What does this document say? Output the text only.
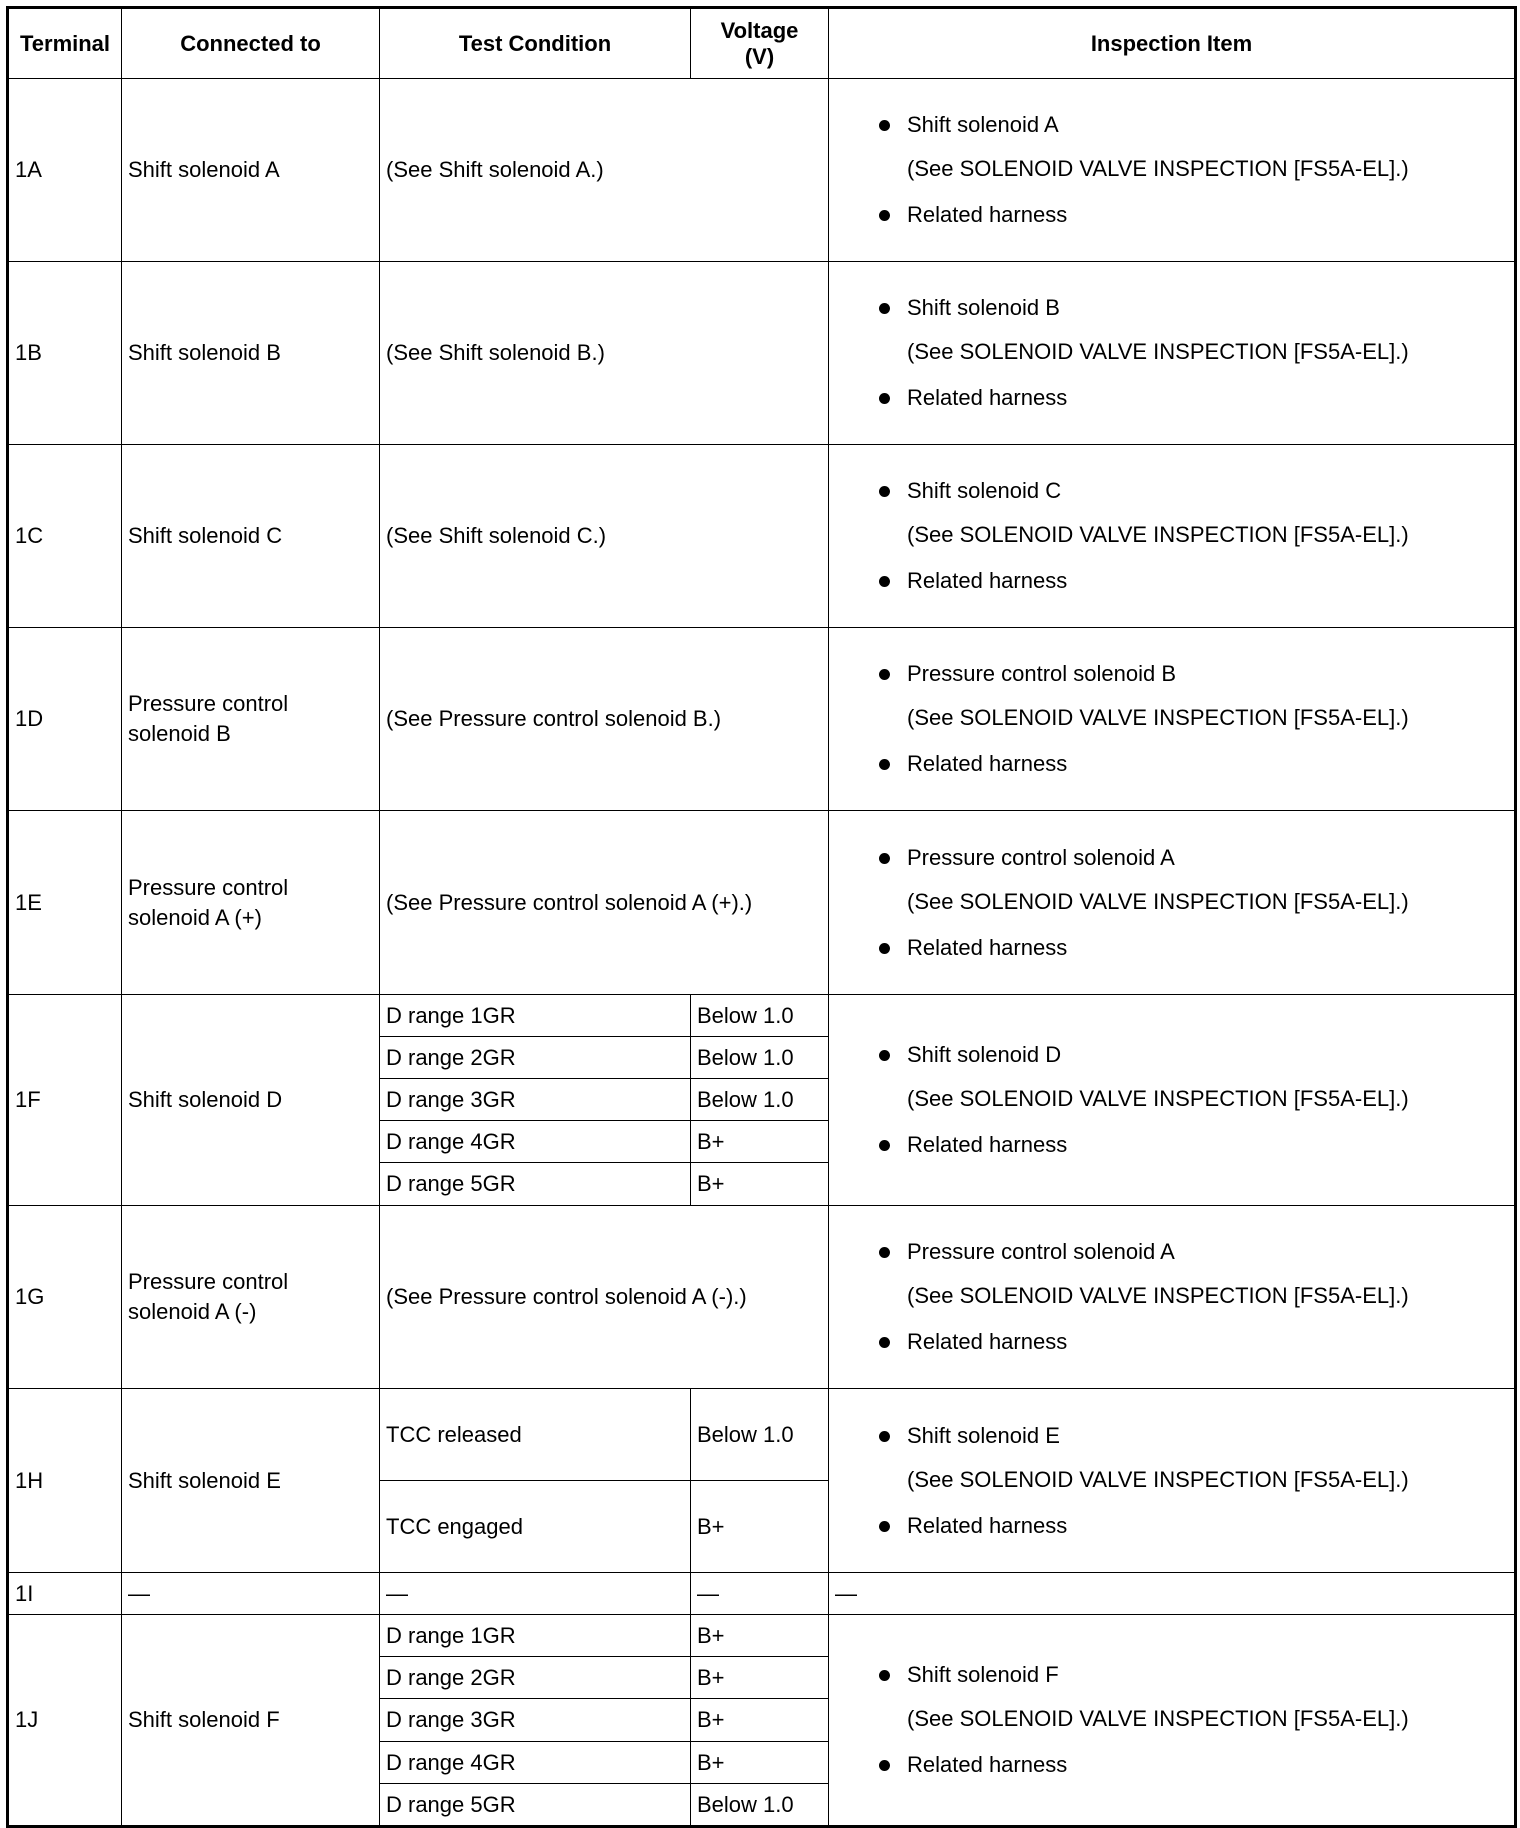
Terminal	Connected to	Test Condition	Voltage (V)	Inspection Item
1A	Shift solenoid A	(See Shift solenoid A.)		Shift solenoid A
(See SOLENOID VALVE INSPECTION [FS5A-EL].)
Related harness

1B	Shift solenoid B	(See Shift solenoid B.)		Shift solenoid B
(See SOLENOID VALVE INSPECTION [FS5A-EL].)
Related harness

1C	Shift solenoid C	(See Shift solenoid C.)		Shift solenoid C
(See SOLENOID VALVE INSPECTION [FS5A-EL].)
Related harness

1D	Pressure control solenoid B	(See Pressure control solenoid B.)		Pressure control solenoid B
(See SOLENOID VALVE INSPECTION [FS5A-EL].)
Related harness

1E	Pressure control solenoid A (+)	(See Pressure control solenoid A (+).)		Pressure control solenoid A
(See SOLENOID VALVE INSPECTION [FS5A-EL].)
Related harness

1F	Shift solenoid D	D range 1GR	Below 1.0	Shift solenoid D
(See SOLENOID VALVE INSPECTION [FS5A-EL].)
Related harness

		D range 2GR	Below 1.0	
		D range 3GR	Below 1.0	
		D range 4GR	B+	
		D range 5GR	B+	
1G	Pressure control solenoid A (-)	(See Pressure control solenoid A (-).)		Pressure control solenoid A
(See SOLENOID VALVE INSPECTION [FS5A-EL].)
Related harness

1H	Shift solenoid E	TCC released	Below 1.0	Shift solenoid E
(See SOLENOID VALVE INSPECTION [FS5A-EL].)
Related harness

		TCC engaged	B+	
1I	—	—	—	—
1J	Shift solenoid F	D range 1GR	B+	Shift solenoid F
(See SOLENOID VALVE INSPECTION [FS5A-EL].)
Related harness

		D range 2GR	B+	
		D range 3GR	B+	
		D range 4GR	B+	
		D range 5GR	Below 1.0	
